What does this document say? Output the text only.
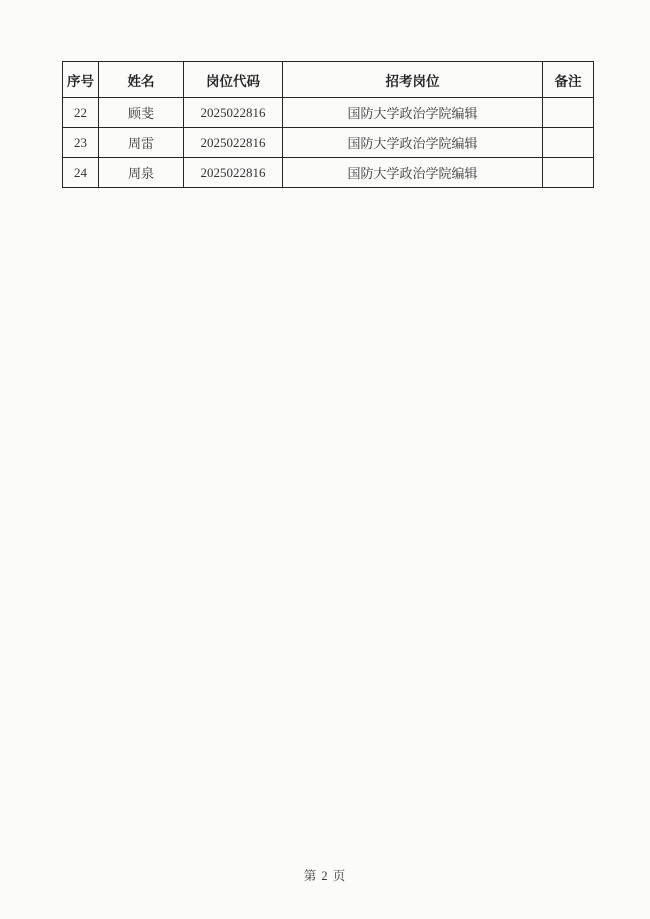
序号	姓名	岗位代码	招考岗位	备注
22	顾斐	2025022816	国防大学政治学院编辑	
23	周雷	2025022816	国防大学政治学院编辑	
24	周泉	2025022816	国防大学政治学院编辑	
第 2 页
